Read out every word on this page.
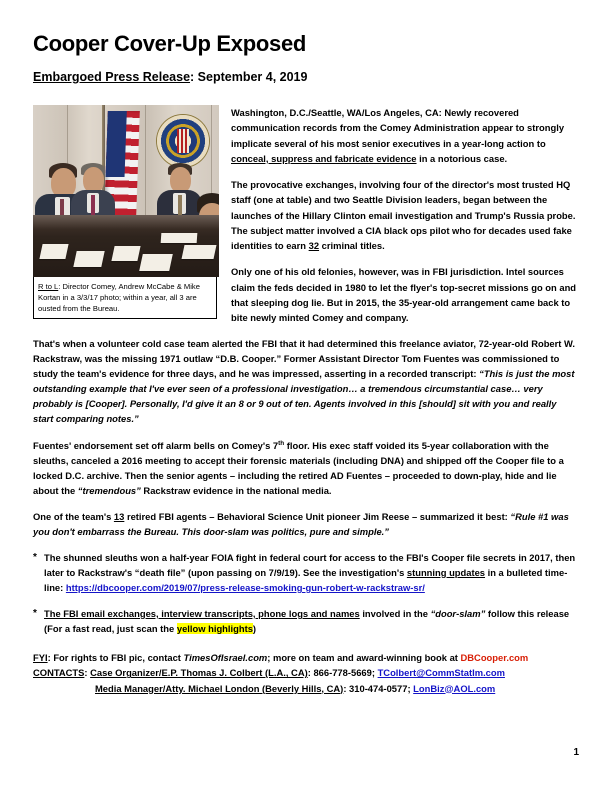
Cooper Cover-Up Exposed
Embargoed Press Release: September 4, 2019
R to L: Director Comey, Andrew McCabe & Mike Kortan in a 3/3/17 photo; within a year, all 3 are ousted from the Bureau.
Washington, D.C./Seattle, WA/Los Angeles, CA: Newly recovered communication records from the Comey Administration appear to strongly implicate several of his most senior executives in a year-long action to conceal, suppress and fabricate evidence in a notorious case.
The provocative exchanges, involving four of the director's most trusted HQ staff (one at table) and two Seattle Division leaders, began between the launches of the Hillary Clinton email investigation and Trump's Russia probe. The subject matter involved a CIA black ops pilot who for decades used fake identities to earn 32 criminal titles.
Only one of his old felonies, however, was in FBI jurisdiction. Intel sources claim the feds decided in 1980 to let the flyer's top-secret missions go on and that sleeping dog lie. But in 2015, the 35-year-old arrangement came back to bite newly minted Comey and company.

That's when a volunteer cold case team alerted the FBI that it had determined this freelance aviator, 72-year-old Robert W. Rackstraw, was the missing 1971 outlaw “D.B. Cooper.” Former Assistant Director Tom Fuentes was commissioned to study the team's evidence for three days, and he was impressed, asserting in a recorded transcript: “This is just the most outstanding example that I've ever seen of a professional investigation… a tremendous circumstantial case… very probably is [Cooper]. Personally, I'd give it an 8 or 9 out of ten. Agents involved in this [should] sit with you and really start comparing notes.”

Fuentes' endorsement set off alarm bells on Comey's 7th floor. His exec staff voided its 5-year collaboration with the sleuths, canceled a 2016 meeting to accept their forensic materials (including DNA) and shipped off the Cooper file to a locked D.C. archive. Then the senior agents – including the retired AD Fuentes – proceeded to down-play, hide and lie about the “tremendous” Rackstraw evidence in the national media.

One of the team's 13 retired FBI agents – Behavioral Science Unit pioneer Jim Reese – summarized it best: “Rule #1 was you don't embarrass the Bureau. This door-slam was politics, pure and simple.”

* The shunned sleuths won a half-year FOIA fight in federal court for access to the FBI's Cooper file secrets in 2017, then later to Rackstraw's “death file” (upon passing on 7/9/19). See the investigation's stunning updates in a bulleted time-line: https://dbcooper.com/2019/07/press-release-smoking-gun-robert-w-rackstraw-sr/
* The FBI email exchanges, interview transcripts, phone logs and names involved in the “door-slam” follow this release (For a fast read, just scan the yellow highlights)
FYI: For rights to FBI pic, contact TimesOfIsrael.com; more on team and award-winning book at DBCooper.com
CONTACTS: Case Organizer/E.P. Thomas J. Colbert (L.A., CA): 866-778-5669; TColbert@CommStatIm.com
Media Manager/Atty. Michael London (Beverly Hills, CA): 310-474-0577; LonBiz@AOL.com
1
